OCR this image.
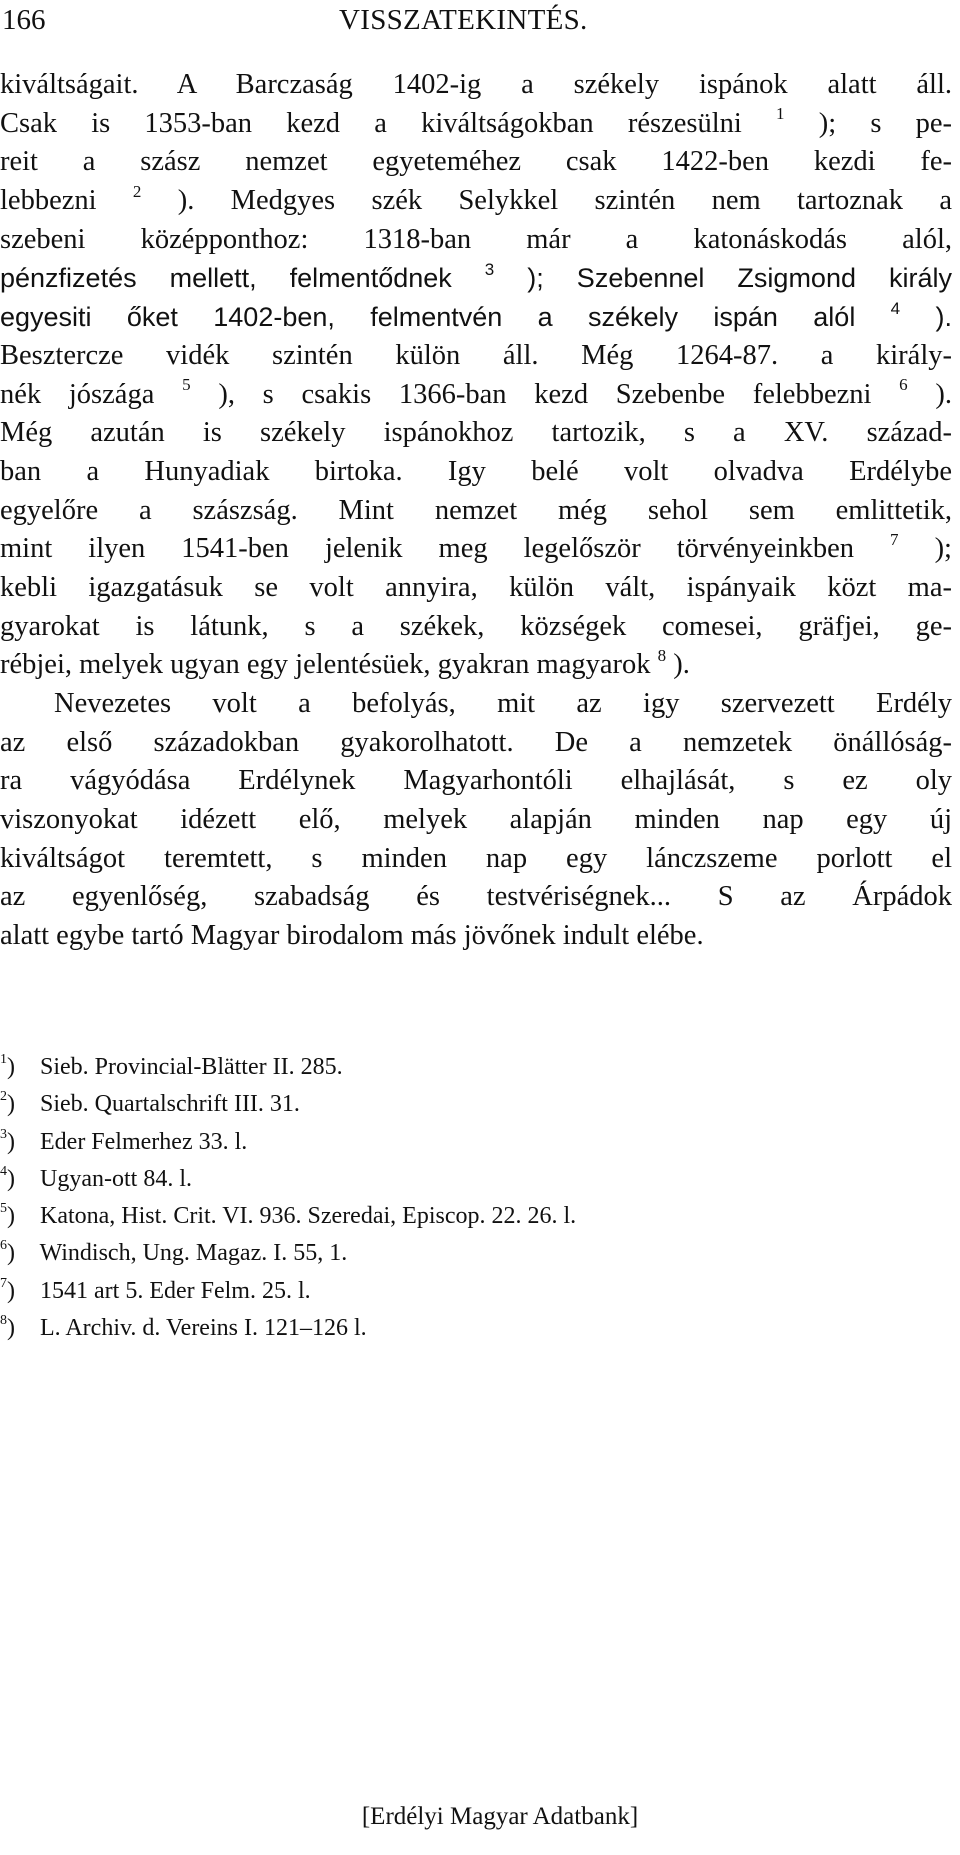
166	VISSZATEKINTÉS.
kiváltságait. A Barczaság 1402-ig a székely ispánok alatt áll.
Csak is 1353-ban kezd a kiváltságokban részesülni $^1$ ); s pe-
reit a szász nemzet egyeteméhez csak 1422-ben kezdi fe-
lebbezni $^2$ ). Medgyes szék Selykkel szintén nem tartoznak a
szebeni középponthoz: 1318-ban már a katonáskodás alól,
pénzfizetés mellett, felmentődnek $^3$ ); Szebennel Zsigmond király
egyesiti őket 1402-ben, felmentvén a székely ispán alól $^4$ ).
Besztercze vidék szintén külön áll. Még 1264-87. a király-
nék jószága $^5$ ), s csakis 1366-ban kezd Szebenbe felebbezni $^6$ ).
Még azután is székely ispánokhoz tartozik, s a XV. század-
ban a Hunyadiak birtoka. Igy belé volt olvadva Erdélybe
egyelőre a szászság. Mint nemzet még sehol sem emlittetik,
mint ilyen 1541-ben jelenik meg legelőször törvényeinkben $^7$ );
kebli igazgatásuk se volt annyira, külön vált, ispányaik közt ma-
gyarokat is látunk, s a székek, községek comesei, gräfjei, ge-
rébjei, melyek ugyan egy jelentésüek, gyakran magyarok $^8$ ).
Nevezetes volt a befolyás, mit az igy szervezett Erdély
az első századokban gyakorolhatott. De a nemzetek önállóság-
ra vágyódása Erdélynek Magyarhontóli elhajlását, s ez oly
viszonyokat idézett elő, melyek alapján minden nap egy új
kiváltságot teremtett, s minden nap egy lánczszeme porlott el
az egyenlőség, szabadság és testvériségnek... S az Árpádok
alatt egybe tartó Magyar birodalom más jövőnek indult elébe.
$^1$) Sieb. Provincial-Blätter II. 285.
$^2$) Sieb. Quartalschrift III. 31.
$^3$) Eder Felmerhez 33. l.
$^4$) Ugyan-ott 84. l.
$^5$) Katona, Hist. Crit. VI. 936. Szeredai, Episcop. 22. 26. l.
$^6$) Windisch, Ung. Magaz. I. 55, 1.
$^7$) 1541 art 5. Eder Felm. 25. l.
$^8$) L. Archiv. d. Vereins I. 121–126 l.
[Erdélyi Magyar Adatbank]
